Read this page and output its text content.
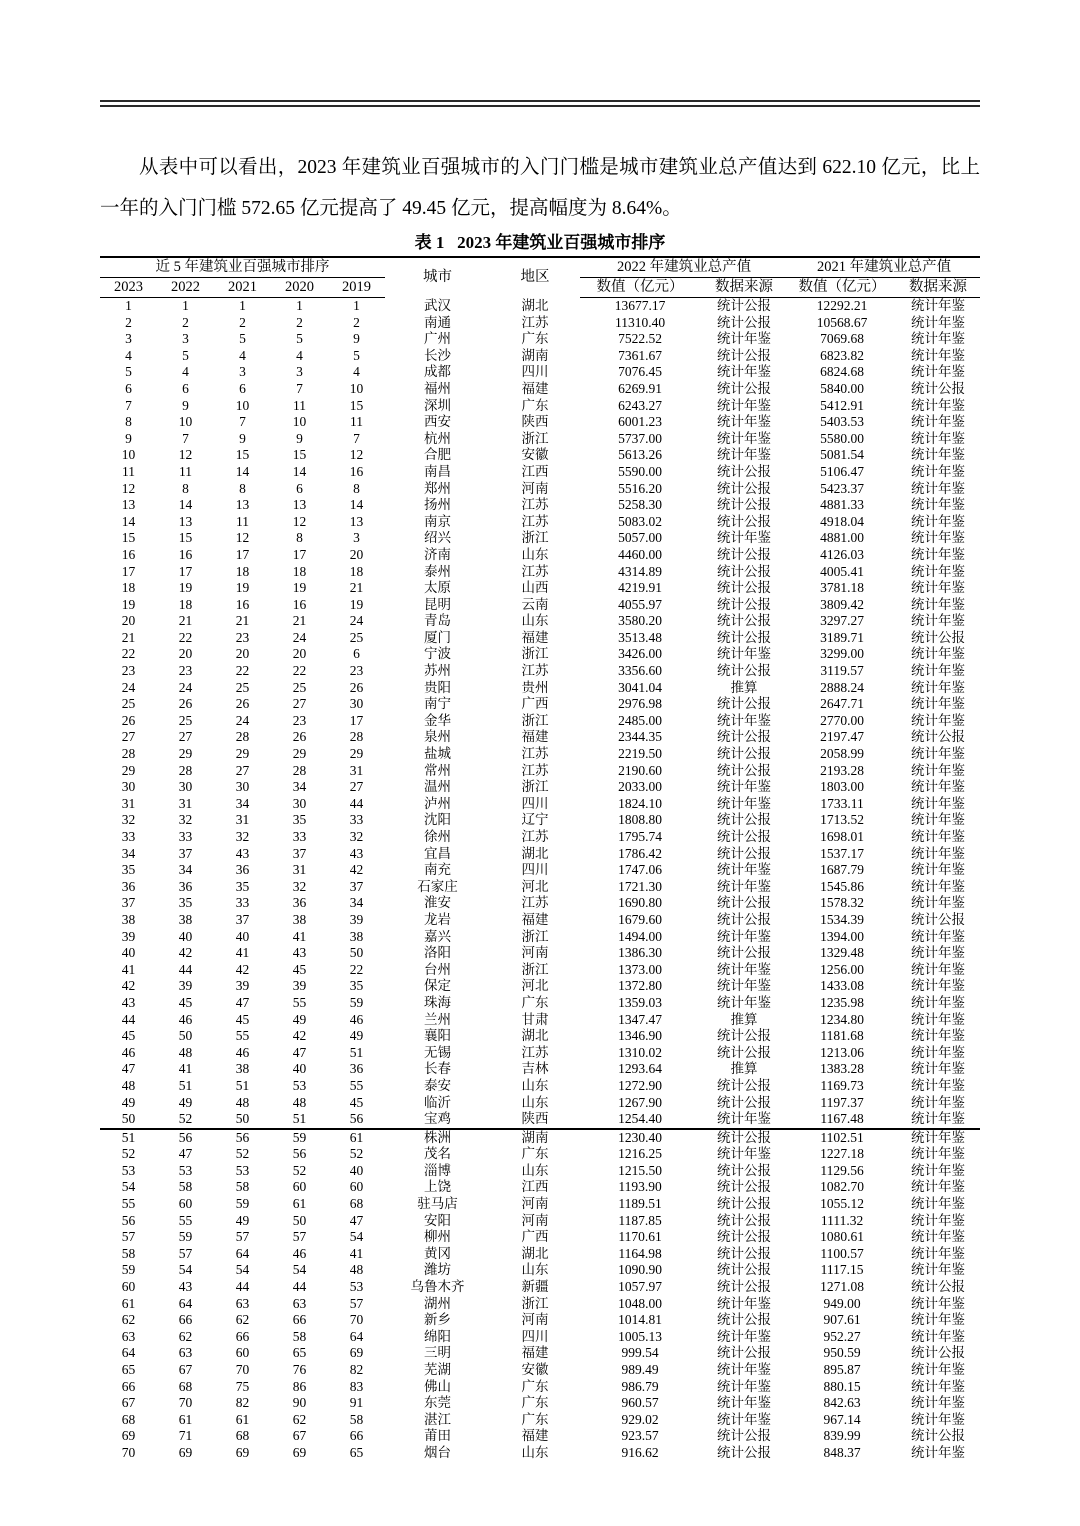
从表中可以看出，2023 年建筑业百强城市的入门门槛是城市建筑业总产值达到 622.10 亿元，比上一年的入门门槛 572.65 亿元提高了 49.45 亿元，提高幅度为 8.64%。

表 1   2023 年建筑业百强城市排序
近 5 年建筑业百强城市排序					城市	地区	2022 年建筑业总产值		2021 年建筑业总产值	
2023	2022	2021	2020	2019			数值（亿元）	数据来源	数值（亿元）	数据来源
1	1	1	1	1	武汉	湖北	13677.17	统计公报	12292.21	统计年鉴
2	2	2	2	2	南通	江苏	11310.40	统计公报	10568.67	统计年鉴
3	3	5	5	9	广州	广东	7522.52	统计年鉴	7069.68	统计年鉴
4	5	4	4	5	长沙	湖南	7361.67	统计公报	6823.82	统计年鉴
5	4	3	3	4	成都	四川	7076.45	统计年鉴	6824.68	统计年鉴
6	6	6	7	10	福州	福建	6269.91	统计公报	5840.00	统计公报
7	9	10	11	15	深圳	广东	6243.27	统计年鉴	5412.91	统计年鉴
8	10	7	10	11	西安	陕西	6001.23	统计年鉴	5403.53	统计年鉴
9	7	9	9	7	杭州	浙江	5737.00	统计年鉴	5580.00	统计年鉴
10	12	15	15	12	合肥	安徽	5613.26	统计年鉴	5081.54	统计年鉴
11	11	14	14	16	南昌	江西	5590.00	统计公报	5106.47	统计年鉴
12	8	8	6	8	郑州	河南	5516.20	统计公报	5423.37	统计年鉴
13	14	13	13	14	扬州	江苏	5258.30	统计公报	4881.33	统计年鉴
14	13	11	12	13	南京	江苏	5083.02	统计公报	4918.04	统计年鉴
15	15	12	8	3	绍兴	浙江	5057.00	统计年鉴	4881.00	统计年鉴
16	16	17	17	20	济南	山东	4460.00	统计公报	4126.03	统计年鉴
17	17	18	18	18	泰州	江苏	4314.89	统计公报	4005.41	统计年鉴
18	19	19	19	21	太原	山西	4219.91	统计公报	3781.18	统计年鉴
19	18	16	16	19	昆明	云南	4055.97	统计公报	3809.42	统计年鉴
20	21	21	21	24	青岛	山东	3580.20	统计公报	3297.27	统计年鉴
21	22	23	24	25	厦门	福建	3513.48	统计公报	3189.71	统计公报
22	20	20	20	6	宁波	浙江	3426.00	统计年鉴	3299.00	统计年鉴
23	23	22	22	23	苏州	江苏	3356.60	统计公报	3119.57	统计年鉴
24	24	25	25	26	贵阳	贵州	3041.04	推算	2888.24	统计年鉴
25	26	26	27	30	南宁	广西	2976.98	统计公报	2647.71	统计年鉴
26	25	24	23	17	金华	浙江	2485.00	统计年鉴	2770.00	统计年鉴
27	27	28	26	28	泉州	福建	2344.35	统计公报	2197.47	统计公报
28	29	29	29	29	盐城	江苏	2219.50	统计公报	2058.99	统计年鉴
29	28	27	28	31	常州	江苏	2190.60	统计公报	2193.28	统计年鉴
30	30	30	34	27	温州	浙江	2033.00	统计年鉴	1803.00	统计年鉴
31	31	34	30	44	泸州	四川	1824.10	统计年鉴	1733.11	统计年鉴
32	32	31	35	33	沈阳	辽宁	1808.80	统计公报	1713.52	统计年鉴
33	33	32	33	32	徐州	江苏	1795.74	统计公报	1698.01	统计年鉴
34	37	43	37	43	宜昌	湖北	1786.42	统计公报	1537.17	统计年鉴
35	34	36	31	42	南充	四川	1747.06	统计年鉴	1687.79	统计年鉴
36	36	35	32	37	石家庄	河北	1721.30	统计年鉴	1545.86	统计年鉴
37	35	33	36	34	淮安	江苏	1690.80	统计公报	1578.32	统计年鉴
38	38	37	38	39	龙岩	福建	1679.60	统计公报	1534.39	统计公报
39	40	40	41	38	嘉兴	浙江	1494.00	统计年鉴	1394.00	统计年鉴
40	42	41	43	50	洛阳	河南	1386.30	统计公报	1329.48	统计年鉴
41	44	42	45	22	台州	浙江	1373.00	统计年鉴	1256.00	统计年鉴
42	39	39	39	35	保定	河北	1372.80	统计年鉴	1433.08	统计年鉴
43	45	47	55	59	珠海	广东	1359.03	统计年鉴	1235.98	统计年鉴
44	46	45	49	46	兰州	甘肃	1347.47	推算	1234.80	统计年鉴
45	50	55	42	49	襄阳	湖北	1346.90	统计公报	1181.68	统计年鉴
46	48	46	47	51	无锡	江苏	1310.02	统计公报	1213.06	统计年鉴
47	41	38	40	36	长春	吉林	1293.64	推算	1383.28	统计年鉴
48	51	51	53	55	泰安	山东	1272.90	统计公报	1169.73	统计年鉴
49	49	48	48	45	临沂	山东	1267.90	统计公报	1197.37	统计年鉴
50	52	50	51	56	宝鸡	陕西	1254.40	统计年鉴	1167.48	统计年鉴
51	56	56	59	61	株洲	湖南	1230.40	统计公报	1102.51	统计年鉴
52	47	52	56	52	茂名	广东	1216.25	统计年鉴	1227.18	统计年鉴
53	53	53	52	40	淄博	山东	1215.50	统计公报	1129.56	统计年鉴
54	58	58	60	60	上饶	江西	1193.90	统计公报	1082.70	统计年鉴
55	60	59	61	68	驻马店	河南	1189.51	统计公报	1055.12	统计年鉴
56	55	49	50	47	安阳	河南	1187.85	统计公报	1111.32	统计年鉴
57	59	57	57	54	柳州	广西	1170.61	统计公报	1080.61	统计年鉴
58	57	64	46	41	黄冈	湖北	1164.98	统计公报	1100.57	统计年鉴
59	54	54	54	48	潍坊	山东	1090.90	统计公报	1117.15	统计年鉴
60	43	44	44	53	乌鲁木齐	新疆	1057.97	统计公报	1271.08	统计公报
61	64	63	63	57	湖州	浙江	1048.00	统计年鉴	949.00	统计年鉴
62	66	62	66	70	新乡	河南	1014.81	统计公报	907.61	统计年鉴
63	62	66	58	64	绵阳	四川	1005.13	统计年鉴	952.27	统计年鉴
64	63	60	65	69	三明	福建	999.54	统计公报	950.59	统计公报
65	67	70	76	82	芜湖	安徽	989.49	统计年鉴	895.87	统计年鉴
66	68	75	86	83	佛山	广东	986.79	统计年鉴	880.15	统计年鉴
67	70	82	90	91	东莞	广东	960.57	统计年鉴	842.63	统计年鉴
68	61	61	62	58	湛江	广东	929.02	统计年鉴	967.14	统计年鉴
69	71	68	67	66	莆田	福建	923.57	统计公报	839.99	统计公报
70	69	69	69	65	烟台	山东	916.62	统计公报	848.37	统计年鉴
